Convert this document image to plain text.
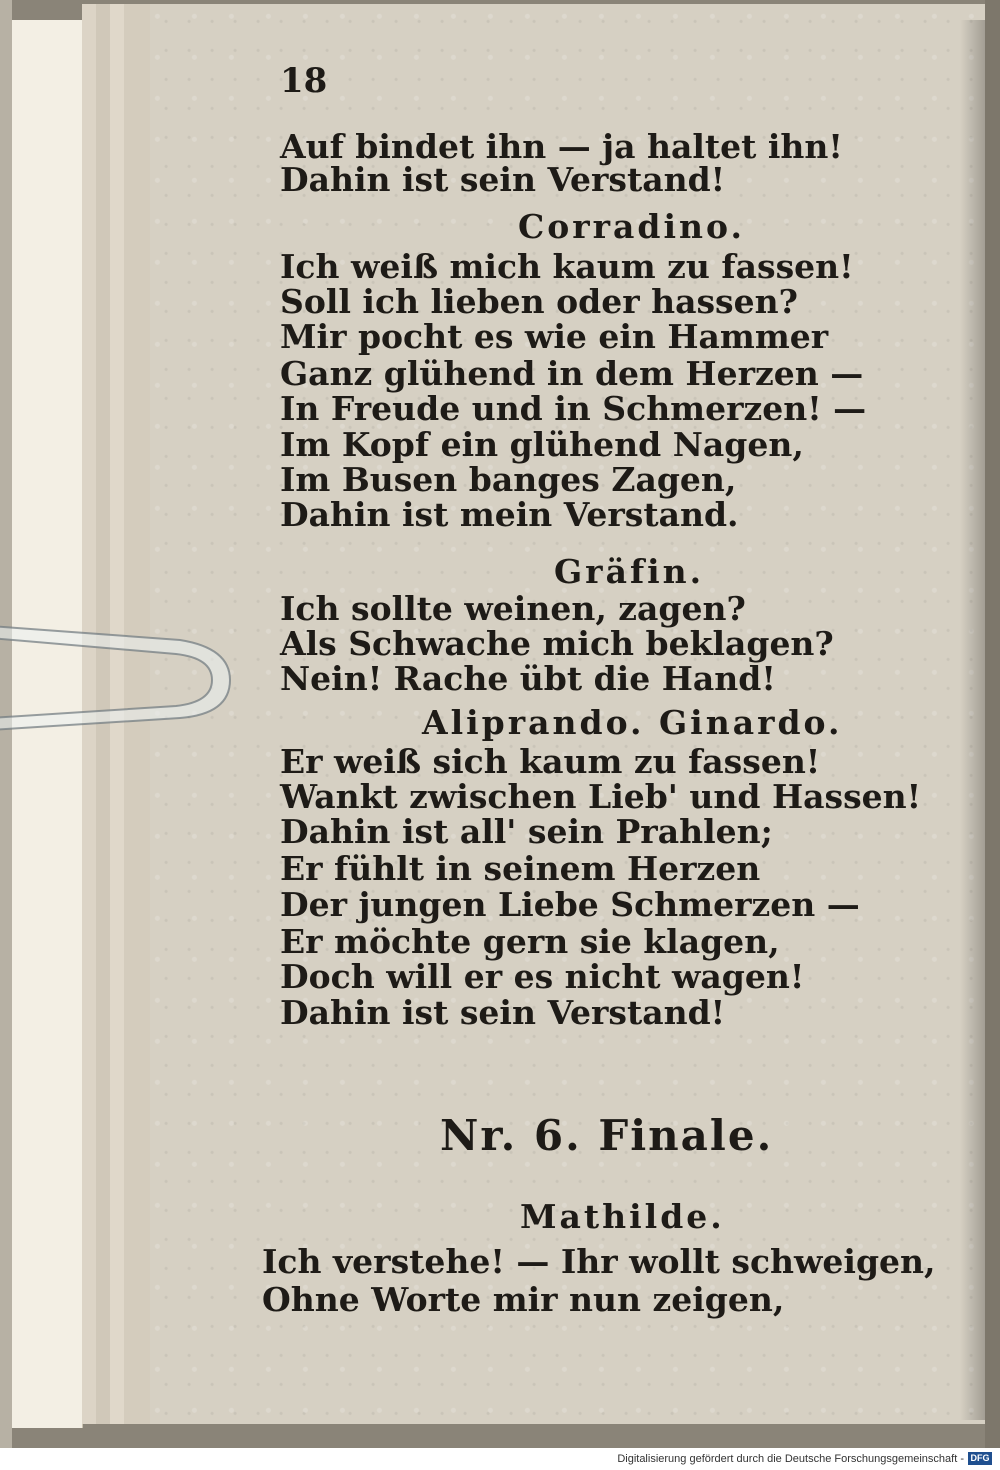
18
Auf bindet ihn — ja haltet ihn!
Dahin ist sein Verstand!
Corradino.
Ich weiß mich kaum zu fassen!
Soll ich lieben oder hassen?
Mir pocht es wie ein Hammer
Ganz glühend in dem Herzen —
In Freude und in Schmerzen! —
Im Kopf ein glühend Nagen,
Im Busen banges Zagen,
Dahin ist mein Verstand.
Gräfin.
Ich sollte weinen, zagen?
Als Schwache mich beklagen?
Nein! Rache übt die Hand!
Aliprando. Ginardo.
Er weiß sich kaum zu fassen!
Wankt zwischen Lieb' und Hassen!
Dahin ist all' sein Prahlen;
Er fühlt in seinem Herzen
Der jungen Liebe Schmerzen —
Er möchte gern sie klagen,
Doch will er es nicht wagen!
Dahin ist sein Verstand!
Nr. 6. Finale.
Mathilde.
Ich verstehe! — Ihr wollt schweigen,
Ohne Worte mir nun zeigen,
Digitalisierung gefördert durch die Deutsche Forschungsgemeinschaft - DFG
